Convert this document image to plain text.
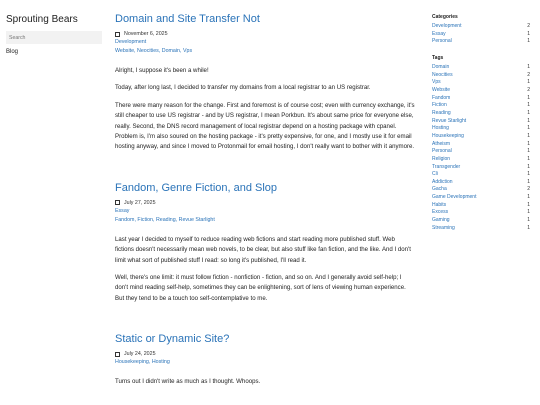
Sprouting Bears
Search
Blog
Domain and Site Transfer Not
November 6, 2025
Development
Website, Neocities, Domain, Vps

Alright, I suppose it's been a while!

Today, after long last, I decided to transfer my domains from a local registrar to an US registrar.

There were many reason for the change. First and foremost is of course cost; even with currency exchange, it's still cheaper to use US registrar - and by US registrar, I mean Porkbun. It's about same price for everyone else, really. Second, the DNS record management of local registrar depend on a hosting package with cpanel. Problem is, I'm also soured on the hosting package - it's pretty expensive, for one, and I mostly use it for email hosting anyway, and since I moved to Protonmail for email hosting, I don't really want to bother with it anymore.

Fandom, Genre Fiction, and Slop
July 27, 2025
Essay
Fandom, Fiction, Reading, Revue Starlight

Last year I decided to myself to reduce reading web fictions and start reading more published stuff. Web fictions doesn't necessarily mean web novels, to be clear, but also stuff like fan fiction, and the like. And I don't limit what sort of published stuff I read: so long it's published, I'll read it.

Well, there's one limit: it must follow fiction - nonfiction - fiction, and so on. And I generally avoid self-help; I don't mind reading self-help, sometimes they can be enlightening, sort of lens of viewing human experience. But they tend to be a touch too self-contemplative to me.

Static or Dynamic Site?
July 24, 2025
Housekeeping, Hosting

Turns out I didn't write as much as I thought. Whoops.

Categories
Development	2
Essay	1
Personal	1
Tags
Domain	1
Neocities	2
Vps	1
Website	2
Fandom	1
Fiction	1
Reading	1
Revue Starlight	1
Hosting	1
Housekeeping	1
Atheism	1
Personal	1
Religion	1
Transgender	1
Cli	1
Addiction	1
Gacha	2
Game Development	1
Habits	1
Excess	1
Gaming	1
Streaming	1
